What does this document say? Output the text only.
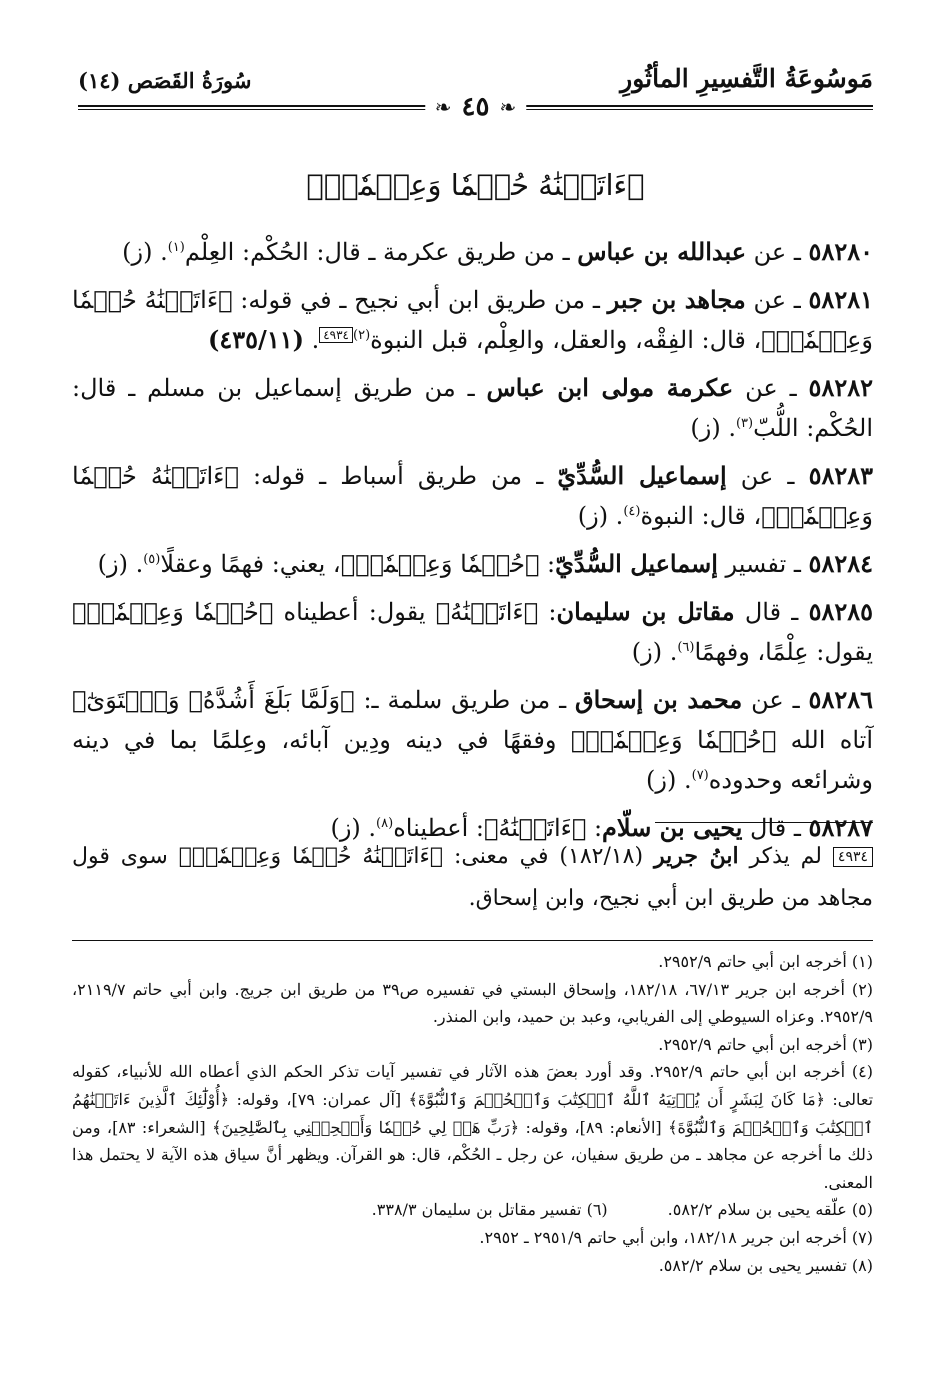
مَوسُوعَةُ التَّفسِيرِ المأثُورِ
سُورَةُ القَصَص (١٤)
❧ ٤٥ ❧
﴿ءَاتَيۡنَٰهُ حُكۡمٗا وَعِلۡمٗاۚ﴾
٥٨٢٨٠ ـ عن عبدالله بن عباس ـ من طريق عكرمة ـ قال: الحُكْم: العِلْم$^{(١)}$. (ز)
٥٨٢٨١ ـ عن مجاهد بن جبر ـ من طريق ابن أبي نجيح ـ في قوله: ﴿ءَاتَيۡنَٰهُ حُكۡمٗا وَعِلۡمٗاۚ﴾، قال: الفِقْه، والعقل، والعِلْم، قبل النبوة$^{(٢)}$٤٩٣٤. (٤٣٥/١١)
٥٨٢٨٢ ـ عن عكرمة مولى ابن عباس ـ من طريق إسماعيل بن مسلم ـ قال: الحُكْم: اللُّبّ$^{(٣)}$. (ز)
٥٨٢٨٣ ـ عن إسماعيل السُّدِّيّ ـ من طريق أسباط ـ قوله: ﴿ءَاتَيۡنَٰهُ حُكۡمٗا وَعِلۡمٗاۚ﴾، قال: النبوة$^{(٤)}$. (ز)
٥٨٢٨٤ ـ تفسير إسماعيل السُّدِّيّ: ﴿حُكۡمٗا وَعِلۡمٗاۚ﴾، يعني: فهمًا وعقلًا$^{(٥)}$. (ز)
٥٨٢٨٥ ـ قال مقاتل بن سليمان: ﴿ءَاتَيۡنَٰهُ﴾ يقول: أعطيناه ﴿حُكۡمٗا وَعِلۡمٗاۚ﴾ يقول: عِلْمًا، وفهمًا$^{(٦)}$. (ز)
٥٨٢٨٦ ـ عن محمد بن إسحاق ـ من طريق سلمة ـ: ﴿وَلَمَّا بَلَغَ أَشُدَّهُۥ وَٱسۡتَوَىٰٓ﴾ آتاه الله ﴿حُكۡمٗا وَعِلۡمٗاۚ﴾ وفقهًا في دينه ودِين آبائه، وعِلمًا بما في دينه وشرائعه وحدوده$^{(٧)}$. (ز)
٥٨٢٨٧ ـ قال يحيى بن سلّام: ﴿ءَاتَيۡنَٰهُ﴾: أعطيناه$^{(٨)}$. (ز)
٤٩٣٤ لم يذكر ابنُ جرير (١٨٢/١٨) في معنى: ﴿ءَاتَيۡنَٰهُ حُكۡمٗا وَعِلۡمٗاۚ﴾ سوى قول مجاهد من طريق ابن أبي نجيح، وابن إسحاق.

(١) أخرجه ابن أبي حاتم ٢٩٥٢/٩.

(٢) أخرجه ابن جرير ٦٧/١٣، ١٨٢/١٨، وإسحاق البستي في تفسيره ص٣٩ من طريق ابن جريج. وابن أبي حاتم ٢١١٩/٧، ٢٩٥٢/٩. وعزاه السيوطي إلى الفريابي، وعبد بن حميد، وابن المنذر.

(٣) أخرجه ابن أبي حاتم ٢٩٥٢/٩.

(٤) أخرجه ابن أبي حاتم ٢٩٥٢/٩. وقد أورد بعضَ هذه الآثار في تفسير آيات تذكر الحكم الذي أعطاه الله للأنبياء، كقوله تعالى: ﴿مَا كَانَ لِبَشَرٍ أَن يُؤۡتِيَهُ ٱللَّهُ ٱلۡكِتَٰبَ وَٱلۡحُكۡمَ وَٱلنُّبُوَّةَ﴾ [آل عمران: ٧٩]، وقوله: ﴿أُوْلَٰٓئِكَ ٱلَّذِينَ ءَاتَيۡنَٰهُمُ ٱلۡكِتَٰبَ وَٱلۡحُكۡمَ وَٱلنُّبُوَّةَ﴾ [الأنعام: ٨٩]، وقوله: ﴿رَبِّ هَبۡ لِي حُكۡمٗا وَأَلۡحِقۡنِي بِٱلصَّٰلِحِينَ﴾ [الشعراء: ٨٣]، ومن ذلك ما أخرجه عن مجاهد ـ من طريق سفيان، عن رجل ـ الحُكْم، قال: هو القرآن. ويظهر أنَّ سياق هذه الآية لا يحتمل هذا المعنى.

(٥) علّقه يحيى بن سلام ٥٨٢/٢.
(٦) تفسير مقاتل بن سليمان ٣٣٨/٣.

(٧) أخرجه ابن جرير ١٨٢/١٨، وابن أبي حاتم ٢٩٥١/٩ ـ ٢٩٥٢.

(٨) تفسير يحيى بن سلام ٥٨٢/٢.
